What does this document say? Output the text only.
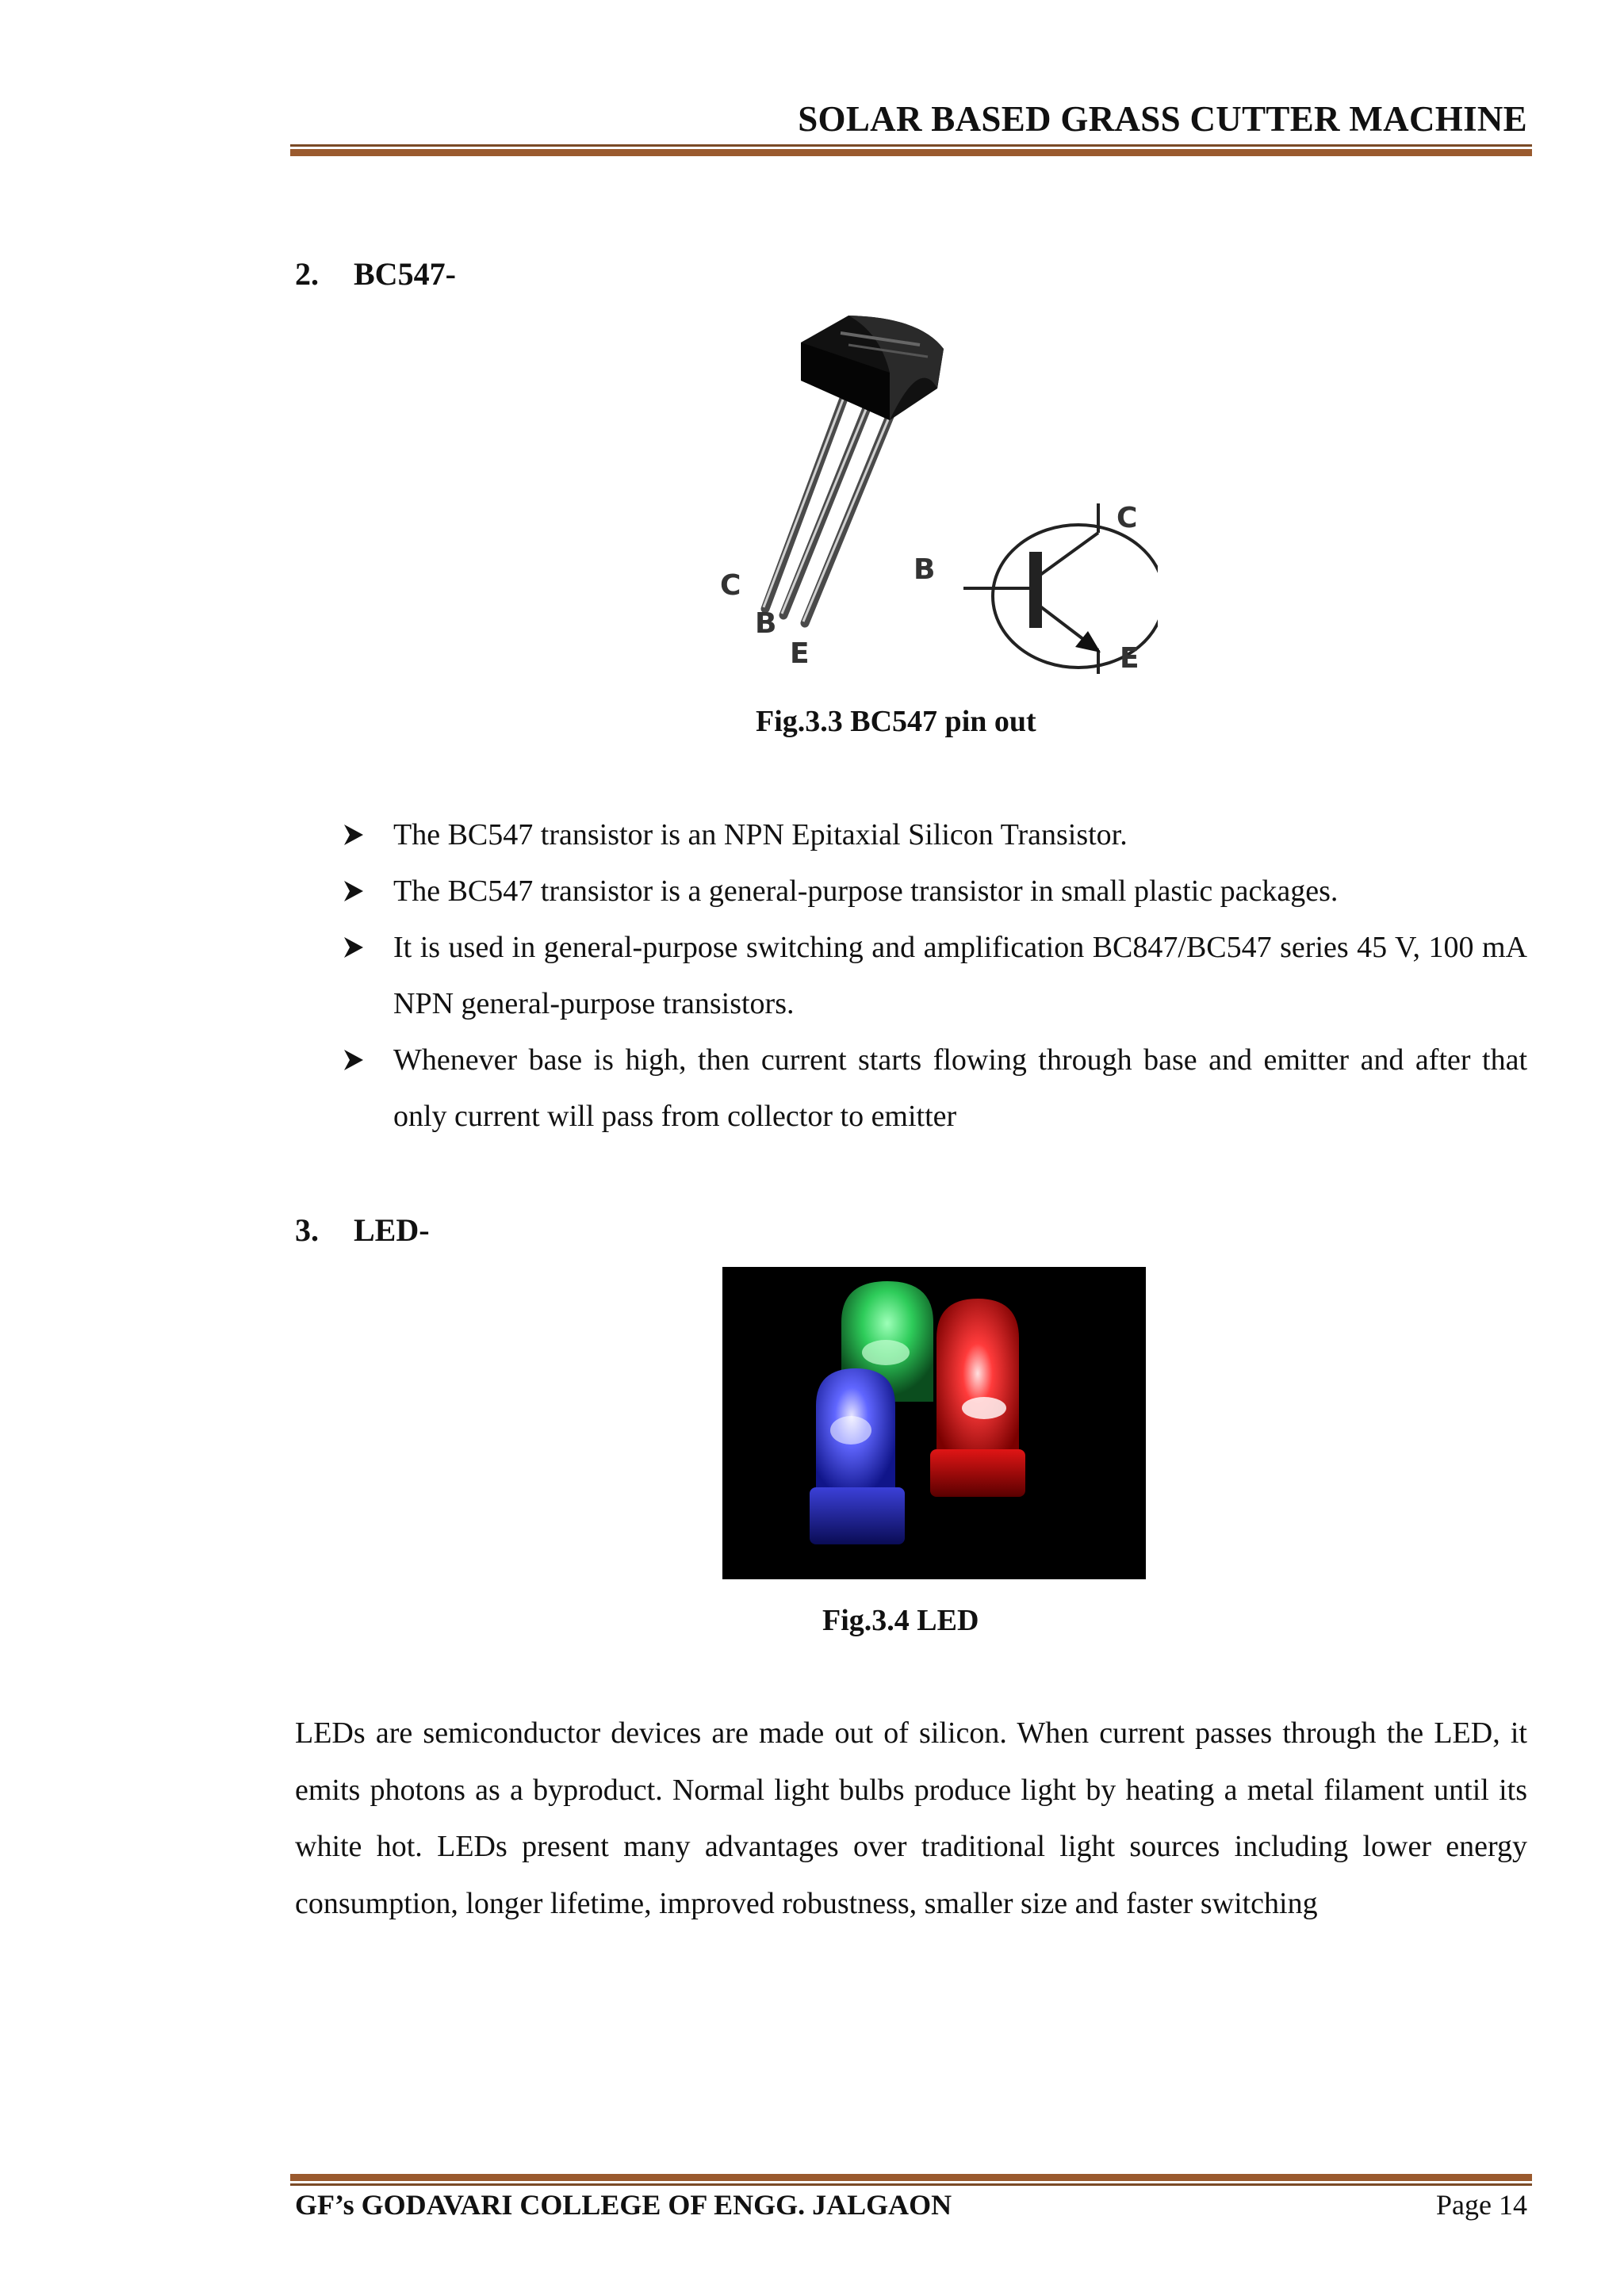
SOLAR BASED GRASS CUTTER MACHINE
2. BC547-
C
B
E
C
B
E
Fig.3.3 BC547 pin out
The BC547 transistor is an NPN Epitaxial Silicon Transistor.
The BC547 transistor is a general-purpose transistor in small plastic packages.
It is used in general-purpose switching and amplification BC847/BC547 series 45 V, 100 mA NPN general-purpose transistors.
Whenever base is high, then current starts flowing through base and emitter and after that only current will pass from collector to emitter
3. LED-
Fig.3.4 LED
LEDs are semiconductor devices are made out of silicon. When current passes through the LED, it emits photons as a byproduct. Normal light bulbs produce light by heating a metal filament until its white hot. LEDs present many advantages over traditional light sources including lower energy consumption, longer lifetime, improved robustness, smaller size and faster switching
GF’s GODAVARI COLLEGE OF ENGG. JALGAON	Page 14
